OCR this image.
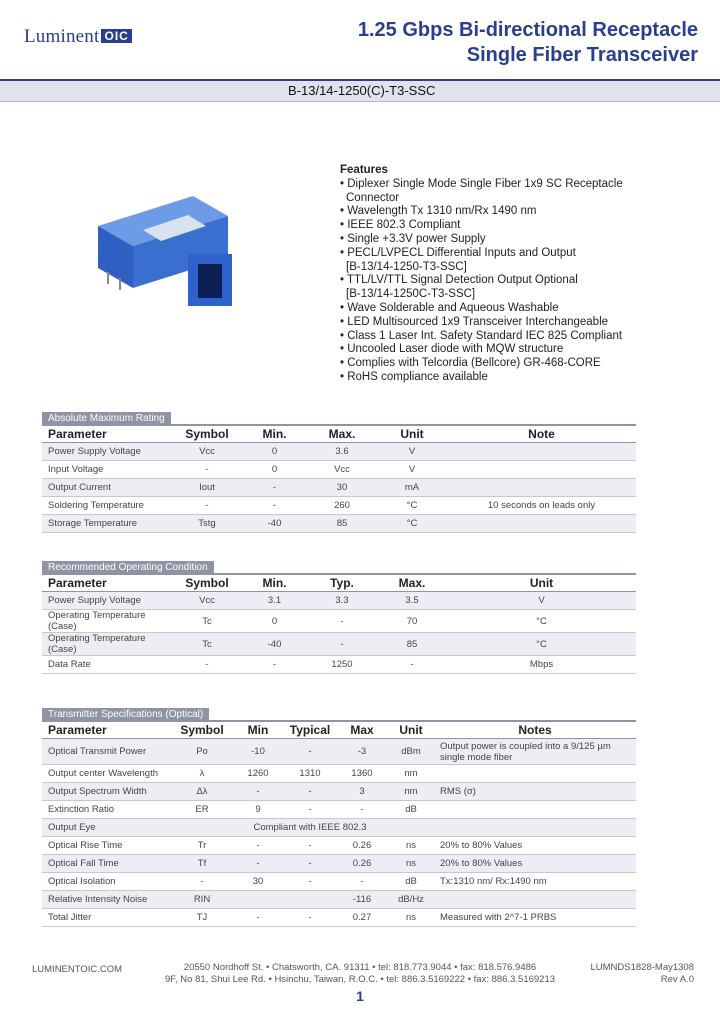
Luminent OIC	1.25 Gbps Bi-directional Receptacle
Single Fiber Transceiver
B-13/14-1250(C)-T3-SSC
Features
• Diplexer Single Mode Single Fiber 1x9 SC Receptacle
Connector
• Wavelength Tx 1310 nm/Rx 1490 nm
• IEEE 802.3 Compliant
• Single +3.3V power Supply
• PECL/LVPECL Differential Inputs and Output
[B-13/14-1250-T3-SSC]
• TTL/LV/TTL Signal Detection Output Optional
[B-13/14-1250C-T3-SSC]
• Wave Solderable and Aqueous Washable
• LED Multisourced 1x9 Transceiver Interchangeable
• Class 1 Laser Int. Safety Standard IEC 825 Compliant
• Uncooled Laser diode with MQW structure
• Complies with Telcordia (Bellcore) GR-468-CORE
• RoHS compliance available
Absolute Maximum Rating
Parameter	Symbol	Min.	Max.	Unit	Note
Power Supply Voltage	Vcc	0	3.6	V	
Input Voltage	-	0	Vcc	V	
Output Current	Iout	-	30	mA	
Soldering Temperature	-	-	260	°C	10 seconds on leads only
Storage Temperature	Tstg	-40	85	°C	
Recommended Operating Condition
Parameter	Symbol	Min.	Typ.	Max.	Unit
Power Supply Voltage	Vcc	3.1	3.3	3.5	V
Operating Temperature (Case)	Tc	0	-	70	°C
Operating Temperature (Case)	Tc	-40	-	85	°C
Data Rate	-	-	1250	-	Mbps
Transmitter Specifications (Optical)
Parameter	Symbol	Min	Typical	Max	Unit	Notes
Optical Transmit Power	Po	-10	-	-3	dBm	Output power is coupled into a 9/125 µm single mode fiber
Output center Wavelength	λ	1260	1310	1360	nm	
Output Spectrum Width	Δλ	-	-	3	nm	RMS (σ)
Extinction Ratio	ER	9	-	-	dB	
Output Eye		Compliant with IEEE 802.3				
Optical Rise Time	Tr	-	-	0.26	ns	20% to 80% Values
Optical Fall Time	Tf	-	-	0.26	ns	20% to 80% Values
Optical Isolation	-	30	-	-	dB	Tx:1310 nm/ Rx:1490 nm
Relative Intensity Noise	RIN			-116	dB/Hz	
Total Jitter	TJ	-	-	0.27	ns	Measured with 2^7-1 PRBS
LUMINENTOIC.COM	20550 Nordhoff St. • Chatsworth, CA. 91311 • tel: 818.773.9044 • fax: 818.576.9486
9F, No 81, Shui Lee Rd. • Hsinchu, Taiwan, R.O.C. • tel: 886.3.5169222 • fax: 886.3.5169213
LUMNDS1828-May1308
Rev A.0
1
